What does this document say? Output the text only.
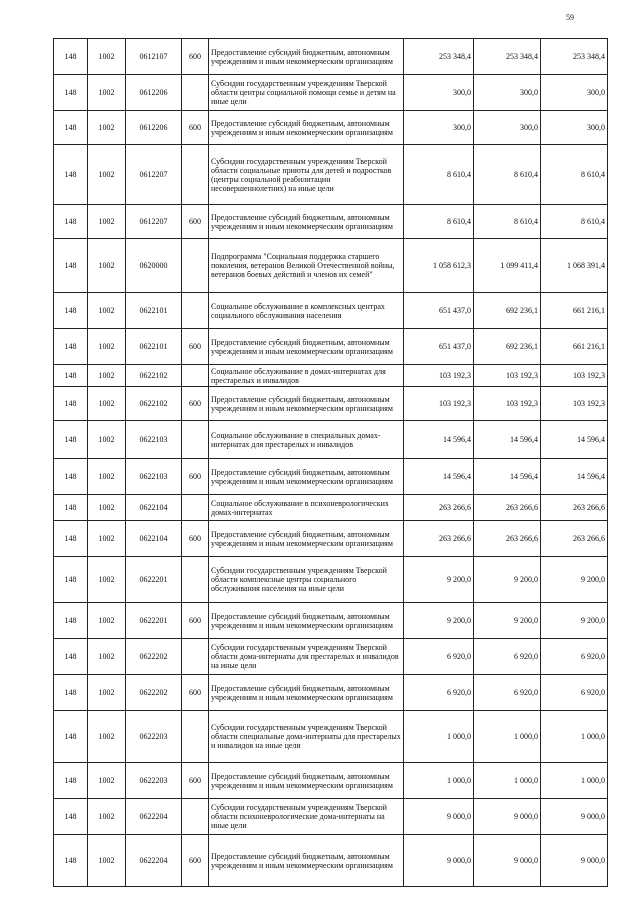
59
148	1002	0612107	600	Предоставление субсидий бюджетным, автономным учреждениям и иным некоммерческим организациям	253 348,4	253 348,4	253 348,4
148	1002	0612206		Субсидии государственным учреждениям Тверской области центры социальной помощи семье и детям на иные цели	300,0	300,0	300,0
148	1002	0612206	600	Предоставление субсидий бюджетным, автономным учреждениям и иным некоммерческим организациям	300,0	300,0	300,0
148	1002	0612207		Субсидии государственным учреждениям Тверской области социальные приюты для детей и подростков (центры социальной реабилитации несовершеннолетних) на иные цели	8 610,4	8 610,4	8 610,4
148	1002	0612207	600	Предоставление субсидий бюджетным, автономным учреждениям и иным некоммерческим организациям	8 610,4	8 610,4	8 610,4
148	1002	0620000		Подпрограмма "Социальная поддержка старшего поколения, ветеранов Великой Отечественной войны, ветеранов боевых действий и членов их семей"	1 058 612,3	1 099 411,4	1 068 391,4
148	1002	0622101		Социальное обслуживание в комплексных центрах социального обслуживания населения	651 437,0	692 236,1	661 216,1
148	1002	0622101	600	Предоставление субсидий бюджетным, автономным учреждениям и иным некоммерческим организациям	651 437,0	692 236,1	661 216,1
148	1002	0622102		Социальное обслуживание в домах-интернатах для престарелых и инвалидов	103 192,3	103 192,3	103 192,3
148	1002	0622102	600	Предоставление субсидий бюджетным, автономным учреждениям и иным некоммерческим организациям	103 192,3	103 192,3	103 192,3
148	1002	0622103		Социальное обслуживание в специальных домах-интернатах для престарелых и инвалидов	14 596,4	14 596,4	14 596,4
148	1002	0622103	600	Предоставление субсидий бюджетным, автономным учреждениям и иным некоммерческим организациям	14 596,4	14 596,4	14 596,4
148	1002	0622104		Социальное обслуживание в психоневрологических домах-интернатах	263 266,6	263 266,6	263 266,6
148	1002	0622104	600	Предоставление субсидий бюджетным, автономным учреждениям и иным некоммерческим организациям	263 266,6	263 266,6	263 266,6
148	1002	0622201		Субсидии государственным учреждениям Тверской области комплексные центры социального обслуживания населения на иные цели	9 200,0	9 200,0	9 200,0
148	1002	0622201	600	Предоставление субсидий бюджетным, автономным учреждениям и иным некоммерческим организациям	9 200,0	9 200,0	9 200,0
148	1002	0622202		Субсидии государственным учреждениям Тверской области дома-интернаты для престарелых и инвалидов на иные цели	6 920,0	6 920,0	6 920,0
148	1002	0622202	600	Предоставление субсидий бюджетным, автономным учреждениям и иным некоммерческим организациям	6 920,0	6 920,0	6 920,0
148	1002	0622203		Субсидии государственным учреждениям Тверской области специальные дома-интернаты для престарелых и инвалидов на иные цели	1 000,0	1 000,0	1 000,0
148	1002	0622203	600	Предоставление субсидий бюджетным, автономным учреждениям и иным некоммерческим организациям	1 000,0	1 000,0	1 000,0
148	1002	0622204		Субсидии государственным учреждениям Тверской области психоневрологические дома-интернаты на иные цели	9 000,0	9 000,0	9 000,0
148	1002	0622204	600	Предоставление субсидий бюджетным, автономным учреждениям и иным некоммерческим организациям	9 000,0	9 000,0	9 000,0
